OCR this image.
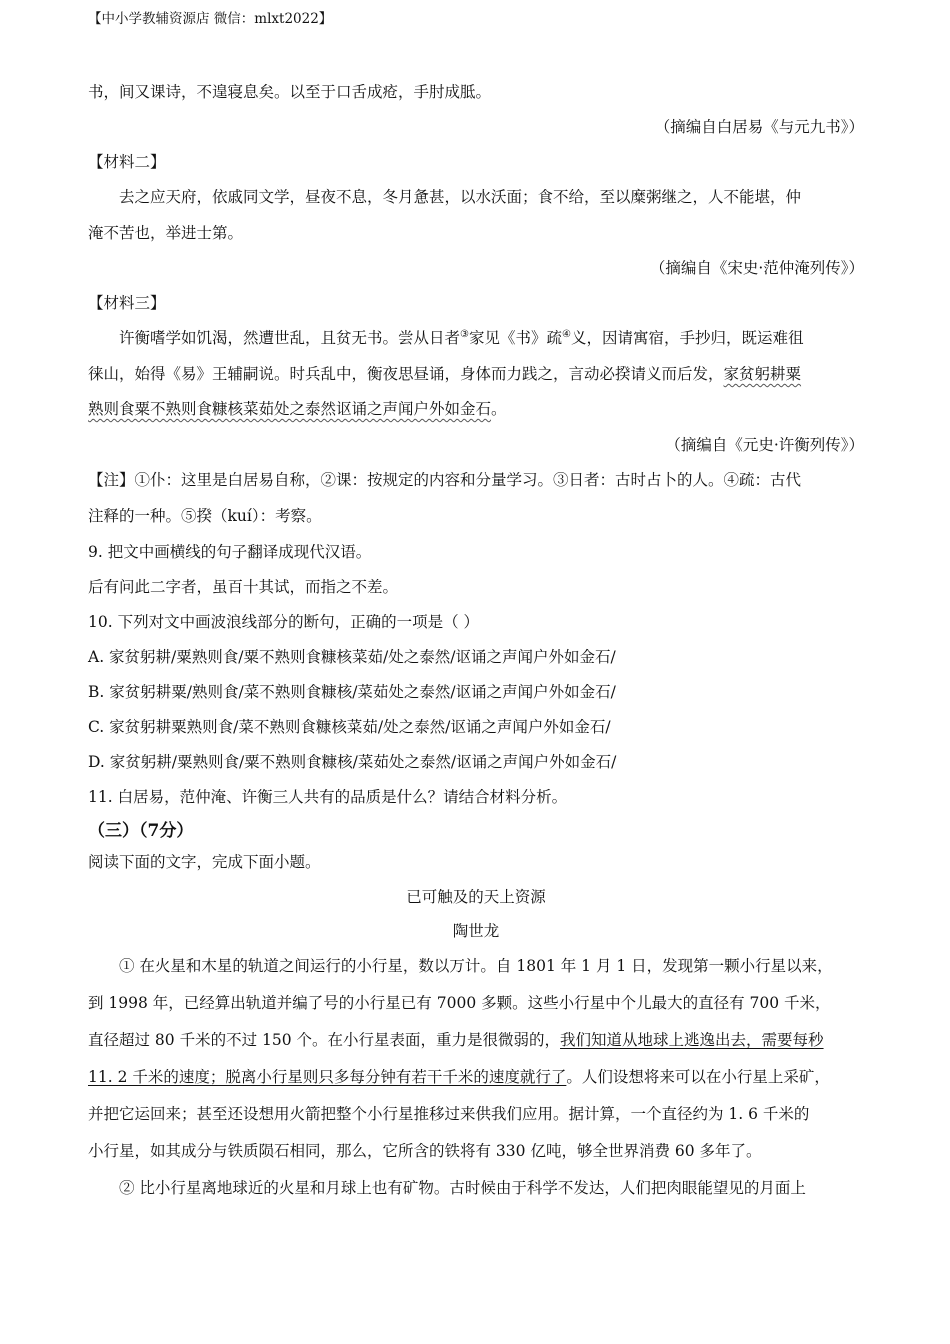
【中小学教辅资源店 微信：mlxt2022】
书，间又课诗，不遑寝息矣。以至于口舌成疮，手肘成胝。
（摘编自白居易《与元九书》）
【材料二】
去之应天府，依戚同文学，昼夜不息，冬月惫甚，以水沃面；食不给，至以糜粥继之，人不能堪，仲
淹不苦也，举进士第。
（摘编自《宋史·范仲淹列传》）
【材料三】
许衡嗜学如饥渴，然遭世乱，且贫无书。尝从日者③家见《书》疏④义，因请寓宿，手抄归，既运难徂
徕山，始得《易》王辅嗣说。时兵乱中，衡夜思昼诵，身体而力践之，言动必揆请义而后发，家贫躬耕粟
熟则食粟不熟则食糠核菜茹处之泰然讴诵之声闻户外如金石。
（摘编自《元史·许衡列传》）
【注】①仆：这里是白居易自称，②课：按规定的内容和分量学习。③日者：古时占卜的人。④疏：古代
注释的一种。⑤揆（kuí）：考察。
9. 把文中画横线的句子翻译成现代汉语。
后有问此二字者，虽百十其试，而指之不差。
10. 下列对文中画波浪线部分的断句，正确的一项是（ ）
A. 家贫躬耕/粟熟则食/粟不熟则食糠核菜茹/处之泰然/讴诵之声闻户外如金石/
B. 家贫躬耕粟/熟则食/菜不熟则食糠核/菜茹处之泰然/讴诵之声闻户外如金石/
C. 家贫躬耕粟熟则食/菜不熟则食糠核菜茹/处之泰然/讴诵之声闻户外如金石/
D. 家贫躬耕/粟熟则食/粟不熟则食糠核/菜茹处之泰然/讴诵之声闻户外如金石/
11. 白居易，范仲淹、许衡三人共有的品质是什么？请结合材料分析。
（三）（7分）
阅读下面的文字，完成下面小题。
已可触及的天上资源
陶世龙
① 在火星和木星的轨道之间运行的小行星，数以万计。自 1801 年 1 月 1 日，发现第一颗小行星以来，
到 1998 年，已经算出轨道并编了号的小行星已有 7000 多颗。这些小行星中个儿最大的直径有 700 千米，
直径超过 80 千米的不过 150 个。在小行星表面，重力是很微弱的，我们知道从地球上逃逸出去，需要每秒
11. 2 千米的速度；脱离小行星则只多每分钟有若干千米的速度就行了。人们设想将来可以在小行星上采矿，
并把它运回来；甚至还设想用火箭把整个小行星推移过来供我们应用。据计算，一个直径约为 1. 6 千米的
小行星，如其成分与铁质陨石相同，那么，它所含的铁将有 330 亿吨，够全世界消费 60 多年了。
② 比小行星离地球近的火星和月球上也有矿物。古时候由于科学不发达，人们把肉眼能望见的月面上
